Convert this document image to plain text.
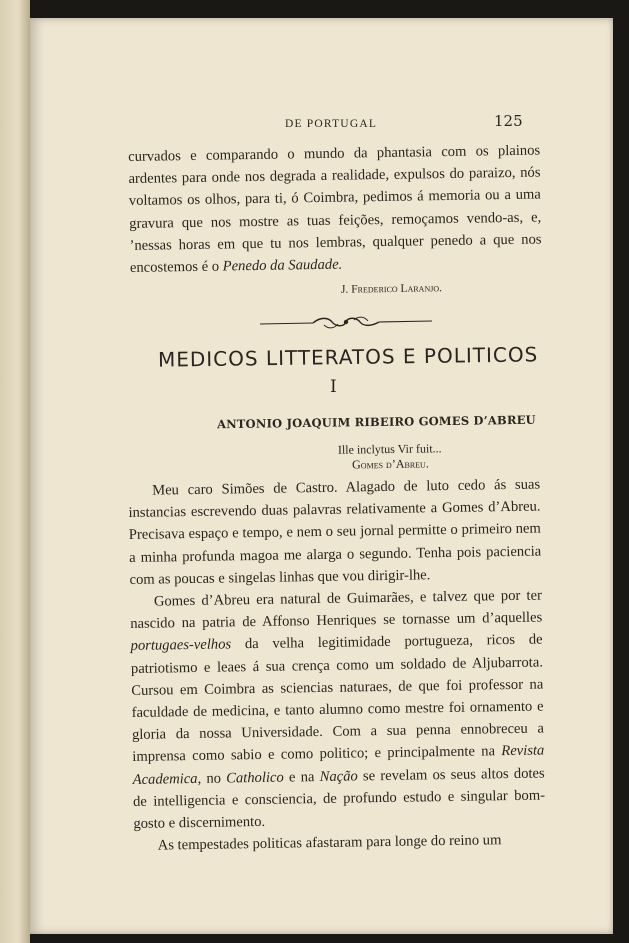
DE PORTUGAL	125

curvados e comparando o mundo da phantasia com os plainos ardentes para onde nos degrada a realidade, expulsos do paraizo, nós voltamos os olhos, para ti, ó Coimbra, pedimos á memoria ou a uma gravura que nos mostre as tuas feições, remoçamos vendo-as, e, ’nessas horas em que tu nos lembras, qualquer penedo a que nos encostemos é o Penedo da Saudade.

J. Frederico Laranjo.
MEDICOS LITTERATOS E POLITICOS
I
ANTONIO JOAQUIM RIBEIRO GOMES D’ABREU
Ille inclytus Vir fuit...
Gomes d’Abreu.

Meu caro Simões de Castro. Alagado de luto cedo ás suas instancias escrevendo duas palavras relativamente a Gomes d’Abreu. Precisava espaço e tempo, e nem o seu jornal permitte o primeiro nem a minha profunda magoa me alarga o segundo. Tenha pois paciencia com as poucas e singelas linhas que vou dirigir-lhe.

Gomes d’Abreu era natural de Guimarães, e talvez que por ter nascido na patria de Affonso Henriques se tornasse um d’aquelles portugaes-velhos da velha legitimidade portugueza, ricos de patriotismo e leaes á sua crença como um soldado de Aljubarrota. Cursou em Coimbra as sciencias naturaes, de que foi professor na faculdade de medicina, e tanto alumno como mestre foi ornamento e gloria da nossa Universidade. Com a sua penna ennobreceu a imprensa como sabio e como politico; e principalmente na Revista Academica, no Catholico e na Nação se revelam os seus altos dotes de intelligencia e consciencia, de profundo estudo e singular bom-gosto e discernimento.

As tempestades politicas afastaram para longe do reino um
